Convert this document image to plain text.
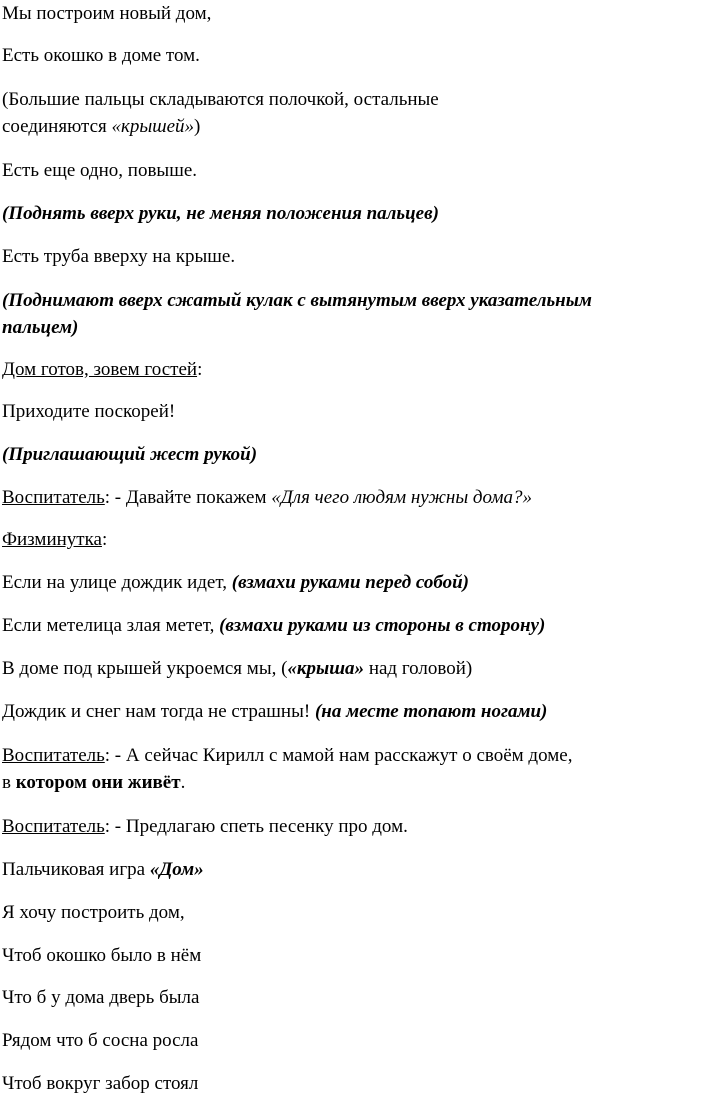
Мы построим новый дом,

Есть окошко в доме том.

(Большие пальцы складываются полочкой, остальные
соединяются «крышей»)

Есть еще одно, повыше.

(Поднять вверх руки, не меняя положения пальцев)

Есть труба вверху на крыше.

(Поднимают вверх сжатый кулак с вытянутым вверх указательным
пальцем)

Дом готов, зовем гостей:

Приходите поскорей!

(Приглашающий жест рукой)

Воспитатель: - Давайте покажем «Для чего людям нужны дома?»

Физминутка:

Если на улице дождик идет, (взмахи руками перед собой)

Если метелица злая метет, (взмахи руками из стороны в сторону)

В доме под крышей укроемся мы, («крыша» над головой)

Дождик и снег нам тогда не страшны! (на месте топают ногами)

Воспитатель: - А сейчас Кирилл с мамой нам расскажут о своём доме,
в котором они живёт.

Воспитатель: - Предлагаю спеть песенку про дом.

Пальчиковая игра «Дом»

Я хочу построить дом,

Чтоб окошко было в нём

Что б у дома дверь была

Рядом что б сосна росла

Чтоб вокруг забор стоял
